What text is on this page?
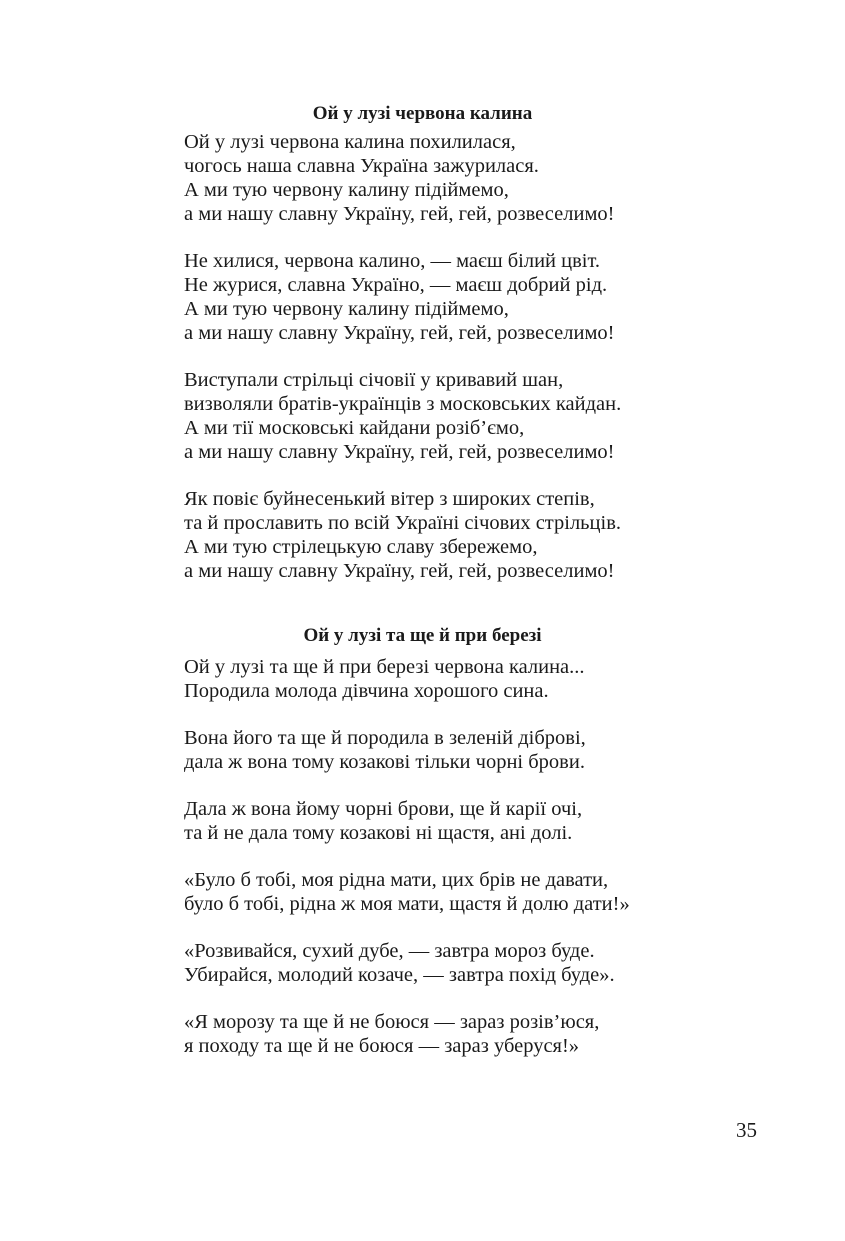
Ой у лузі червона калина

Ой у лузі червона калина похилилася,
чогось наша славна Україна зажурилася.
А ми тую червону калину підіймемо,
а ми нашу славну Україну, гей, гей, розвеселимо!

Не хилися, червона калино, — маєш білий цвіт.
Не журися, славна Україно, — маєш добрий рід.
А ми тую червону калину підіймемо,
а ми нашу славну Україну, гей, гей, розвеселимо!

Виступали стрільці січовії у кривавий шан,
визволяли братів-українців з московських кайдан.
А ми тії московські кайдани розіб’ємо,
а ми нашу славну Україну, гей, гей, розвеселимо!

Як повіє буйнесенький вітер з широких степів,
та й прославить по всій Україні січових стрільців.
А ми тую стрілецькую славу збережемо,
а ми нашу славну Україну, гей, гей, розвеселимо!

Ой у лузі та ще й при березі

Ой у лузі та ще й при березі червона калина...
Породила молода дівчина хорошого сина.

Вона його та ще й породила в зеленій діброві,
дала ж вона тому козакові тільки чорні брови.

Дала ж вона йому чорні брови, ще й карії очі,
та й не дала тому козакові ні щастя, ані долі.

«Було б тобі, моя рідна мати, цих брів не давати,
було б тобі, рідна ж моя мати, щастя й долю дати!»

«Розвивайся, сухий дубе, — завтра мороз буде.
Убирайся, молодий козаче, — завтра похід буде».

«Я морозу та ще й не боюся — зараз розів’юся,
я походу та ще й не боюся — зараз уберуся!»

35
